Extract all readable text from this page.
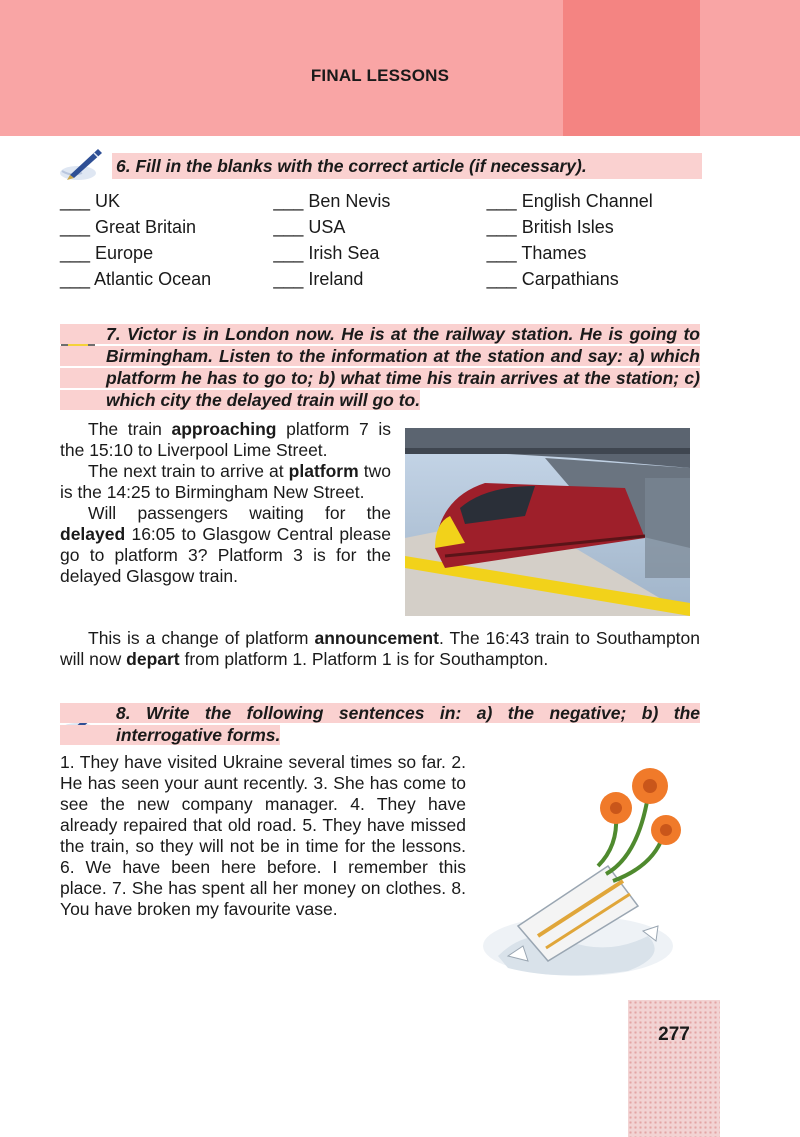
FINAL LESSONS
6. Fill in the blanks with the correct article (if necessary).
___ UK	___ Ben Nevis	___ English Channel
___ Great Britain	___ USA	___ British Isles
___ Europe	___ Irish Sea	___ Thames
___ Atlantic Ocean	___ Ireland	___ Carpathians
7. Victor is in London now. He is at the railway station. He is going to Birmingham. Listen to the information at the station and say: a) which platform he has to go to; b) what time his train arrives at the station; c) which city the delayed train will go to.

The train approaching platform 7 is the 15:10 to Liverpool Lime Street.

The next train to arrive at platform two is the 14:25 to Birmingham New Street.

Will passengers waiting for the delayed 16:05 to Glasgow Central please go to platform 3? Platform 3 is for the delayed Glasgow train.

This is a change of platform announcement. The 16:43 train to Southampton will now depart from platform 1. Platform 1 is for Southampton.

8. Write the following sentences in: a) the negative; b) the interrogative forms.

1. They have visited Ukraine several times so far. 2. He has seen your aunt recently. 3. She has come to see the new company manager. 4. They have already repaired that old road. 5. They have missed the train, so they will not be in time for the lessons. 6. We have been here before. I remember this place. 7. She has spent all her money on clothes. 8. You have broken my favourite vase.

277
